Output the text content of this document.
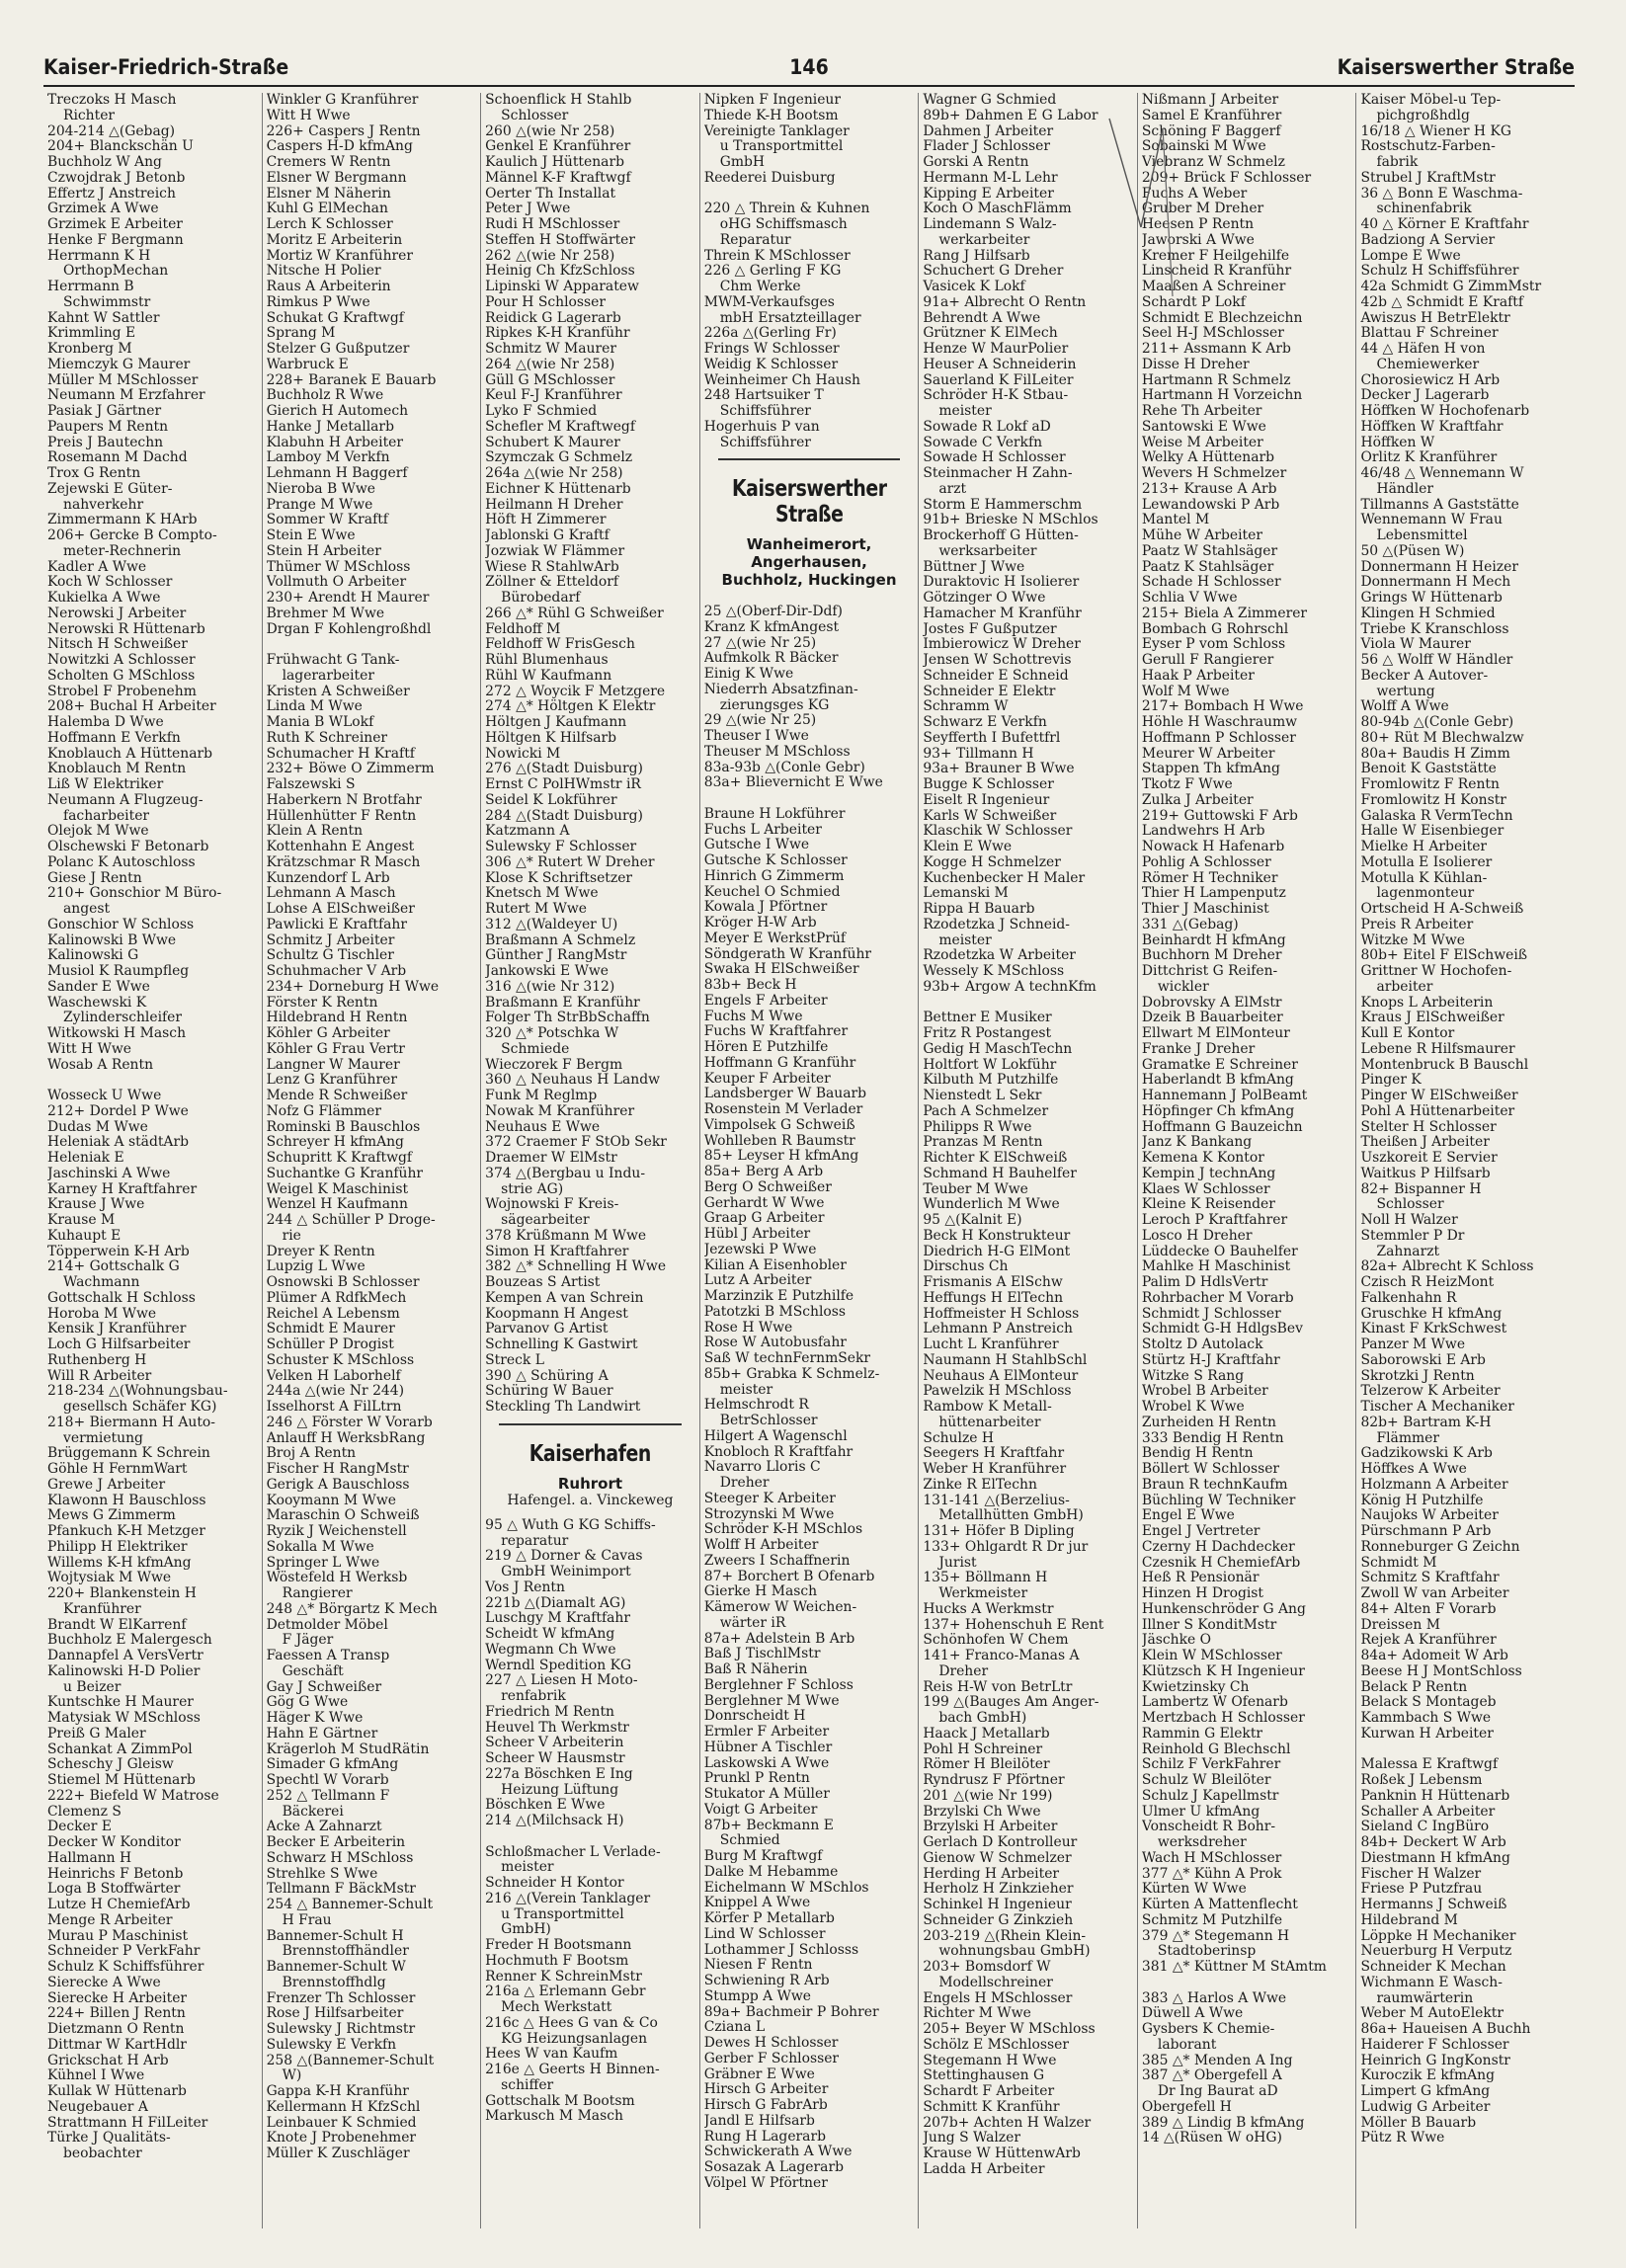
Kaiser-Friedrich-Straße	146	Kaiserswerther Straße
Treczoks H Masch
Richter
204-214 △(Gebag)
204+ Blanckschän U
Buchholz W Ang
Czwojdrak J Betonb
Effertz J Anstreich
Grzimek A Wwe
Grzimek E Arbeiter
Henke F Bergmann
Herrmann K H
OrthopMechan
Herrmann B
Schwimmstr
Kahnt W Sattler
Krimmling E
Kronberg M
Miemczyk G Maurer
Müller M MSchlosser
Neumann M Erzfahrer
Pasiak J Gärtner
Paupers M Rentn
Preis J Bautechn
Rosemann M Dachd
Trox G Rentn
Zejewski E Güter-
nahverkehr
Zimmermann K HArb
206+ Gercke B Compto-
meter-Rechnerin
Kadler A Wwe
Koch W Schlosser
Kukielka A Wwe
Nerowski J Arbeiter
Nerowski R Hüttenarb
Nitsch H Schweißer
Nowitzki A Schlosser
Scholten G MSchloss
Strobel F Probenehm
208+ Buchal H Arbeiter
Halemba D Wwe
Hoffmann E Verkfn
Knoblauch A Hüttenarb
Knoblauch M Rentn
Liß W Elektriker
Neumann A Flugzeug-
facharbeiter
Olejok M Wwe
Olschewski F Betonarb
Polanc K Autoschloss
Giese J Rentn
210+ Gonschior M Büro-
angest
Gonschior W Schloss
Kalinowski B Wwe
Kalinowski G
Musiol K Raumpfleg
Sander E Wwe
Waschewski K
Zylinderschleifer
Witkowski H Masch
Witt H Wwe
Wosab A Rentn

Wosseck U Wwe
212+ Dordel P Wwe
Dudas M Wwe
Heleniak A städtArb
Heleniak E
Jaschinski A Wwe
Karney H Kraftfahrer
Krause J Wwe
Krause M
Kuhaupt E
Töpperwein K-H Arb
214+ Gottschalk G
Wachmann
Gottschalk H Schloss
Horoba M Wwe
Kensik J Kranführer
Loch G Hilfsarbeiter
Ruthenberg H
Will R Arbeiter
218-234 △(Wohnungsbau-
gesellsch Schäfer KG)
218+ Biermann H Auto-
vermietung
Brüggemann K Schrein
Göhle H FernmWart
Grewe J Arbeiter
Klawonn H Bauschloss
Mews G Zimmerm
Pfankuch K-H Metzger
Philipp H Elektriker
Willems K-H kfmAng
Wojtysiak M Wwe
220+ Blankenstein H
Kranführer
Brandt W ElKarrenf
Buchholz E Malergesch
Dannapfel A VersVertr
Kalinowski H-D Polier
u Beizer
Kuntschke H Maurer
Matysiak W MSchloss
Preiß G Maler
Schankat A ZimmPol
Scheschy J Gleisw
Stiemel M Hüttenarb
222+ Biefeld W Matrose
Clemenz S
Decker E
Decker W Konditor
Hallmann H
Heinrichs F Betonb
Loga B Stoffwärter
Lutze H ChemiefArb
Menge R Arbeiter
Murau P Maschinist
Schneider P VerkFahr
Schulz K Schiffsführer
Sierecke A Wwe
Sierecke H Arbeiter
224+ Billen J Rentn
Dietzmann O Rentn
Dittmar W KartHdlr
Grickschat H Arb
Kühnel I Wwe
Kullak W Hüttenarb
Neugebauer A
Strattmann H FilLeiter
Türke J Qualitäts-
beobachter
Winkler G Kranführer
Witt H Wwe
226+ Caspers J Rentn
Caspers H-D kfmAng
Cremers W Rentn
Elsner W Bergmann
Elsner M Näherin
Kuhl G ElMechan
Lerch K Schlosser
Moritz E Arbeiterin
Mortiz W Kranführer
Nitsche H Polier
Raus A Arbeiterin
Rimkus P Wwe
Schukat G Kraftwgf
Sprang M
Stelzer G Gußputzer
Warbruck E
228+ Baranek E Bauarb
Buchholz R Wwe
Gierich H Automech
Hanke J Metallarb
Klabuhn H Arbeiter
Lamboy M Verkfn
Lehmann H Baggerf
Nieroba B Wwe
Prange M Wwe
Sommer W Kraftf
Stein E Wwe
Stein H Arbeiter
Thümer W MSchloss
Vollmuth O Arbeiter
230+ Arendt H Maurer
Brehmer M Wwe
Drgan F Kohlengroßhdl

Frühwacht G Tank-
lagerarbeiter
Kristen A Schweißer
Linda M Wwe
Mania B WLokf
Ruth K Schreiner
Schumacher H Kraftf
232+ Böwe O Zimmerm
Falszewski S
Haberkern N Brotfahr
Hüllenhütter F Rentn
Klein A Rentn
Kottenhahn E Angest
Krätzschmar R Masch
Kunzendorf L Arb
Lehmann A Masch
Lohse A ElSchweißer
Pawlicki E Kraftfahr
Schmitz J Arbeiter
Schultz G Tischler
Schuhmacher V Arb
234+ Dorneburg H Wwe
Förster K Rentn
Hildebrand H Rentn
Köhler G Arbeiter
Köhler G Frau Vertr
Langner W Maurer
Lenz G Kranführer
Mende R Schweißer
Nofz G Flämmer
Rominski B Bauschlos
Schreyer H kfmAng
Schupritt K Kraftwgf
Suchantke G Kranführ
Weigel K Maschinist
Wenzel H Kaufmann
244 △ Schüller P Droge-
rie
Dreyer K Rentn
Lupzig L Wwe
Osnowski B Schlosser
Plümer A RdfkMech
Reichel A Lebensm
Schmidt E Maurer
Schüller P Drogist
Schuster K MSchloss
Velken H Laborhelf
244a △(wie Nr 244)
Isselhorst A FilLtrn
246 △ Förster W Vorarb
Anlauff H WerksbRang
Broj A Rentn
Fischer H RangMstr
Gerigk A Bauschloss
Kooymann M Wwe
Maraschin O Schweiß
Ryzik J Weichenstell
Sokalla M Wwe
Springer L Wwe
Wöstefeld H Werksb
Rangierer
248 △* Börgartz K Mech
Detmolder Möbel
F Jäger
Faessen A Transp
Geschäft
Gay J Schweißer
Gög G Wwe
Häger K Wwe
Hahn E Gärtner
Krägerloh M StudRätin
Simader G kfmAng
Spechtl W Vorarb
252 △ Tellmann F
Bäckerei
Acke A Zahnarzt
Becker E Arbeiterin
Schwarz H MSchloss
Strehlke S Wwe
Tellmann F BäckMstr
254 △ Bannemer-Schult
H Frau
Bannemer-Schult H
Brennstoffhändler
Bannemer-Schult W
Brennstoffhdlg
Frenzer Th Schlosser
Rose J Hilfsarbeiter
Sulewsky J Richtmstr
Sulewsky E Verkfn
258 △(Bannemer-Schult
W)
Gappa K-H Kranführ
Kellermann H KfzSchl
Leinbauer K Schmied
Knote J Probenehmer
Müller K Zuschläger
Schoenflick H Stahlb
Schlosser
260 △(wie Nr 258)
Genkel E Kranführer
Kaulich J Hüttenarb
Männel K-F Kraftwgf
Oerter Th Installat
Peter J Wwe
Rudi H MSchlosser
Steffen H Stoffwärter
262 △(wie Nr 258)
Heinig Ch KfzSchloss
Lipinski W Apparatew
Pour H Schlosser
Reidick G Lagerarb
Ripkes K-H Kranführ
Schmitz W Maurer
264 △(wie Nr 258)
Güll G MSchlosser
Keul F-J Kranführer
Lyko F Schmied
Schefler M Kraftwegf
Schubert K Maurer
Szymczak G Schmelz
264a △(wie Nr 258)
Eichner K Hüttenarb
Heilmann H Dreher
Höft H Zimmerer
Jablonski G Kraftf
Jozwiak W Flämmer
Wiese R StahlwArb
Zöllner & Etteldorf
Bürobedarf
266 △* Rühl G Schweißer
Feldhoff M
Feldhoff W FrisGesch
Rühl Blumenhaus
Rühl W Kaufmann
272 △ Woycik F Metzgere
274 △* Höltgen K Elektr
Höltgen J Kaufmann
Höltgen K Hilfsarb
Nowicki M
276 △(Stadt Duisburg)
Ernst C PolHWmstr iR
Seidel K Lokführer
284 △(Stadt Duisburg)
Katzmann A
Sulewsky F Schlosser
306 △* Rutert W Dreher
Klose K Schriftsetzer
Knetsch M Wwe
Rutert M Wwe
312 △(Waldeyer U)
Braßmann A Schmelz
Günther J RangMstr
Jankowski E Wwe
316 △(wie Nr 312)
Braßmann E Kranführ
Folger Th StrBbSchaffn
320 △* Potschka W
Schmiede
Wieczorek F Bergm
360 △ Neuhaus H Landw
Funk M Reglmp
Nowak M Kranführer
Neuhaus E Wwe
372 Craemer F StOb Sekr
Draemer W ElMstr
374 △(Bergbau u Indu-
strie AG)
Wojnowski F Kreis-
sägearbeiter
378 Krüßmann M Wwe
Simon H Kraftfahrer
382 △* Schnelling H Wwe
Bouzeas S Artist
Kempen A van Schrein
Koopmann H Angest
Parvanov G Artist
Schnelling K Gastwirt
Streck L
390 △ Schüring A
Schüring W Bauer
Steckling Th Landwirt
Kaiserhafen
Ruhrort
Hafengel. a. Vinckeweg
95 △ Wuth G KG Schiffs-
reparatur
219 △ Dorner & Cavas
GmbH Weinimport
Vos J Rentn
221b △(Diamalt AG)
Luschgy M Kraftfahr
Scheidt W kfmAng
Wegmann Ch Wwe
Werndl Spedition KG
227 △ Liesen H Moto-
renfabrik
Friedrich M Rentn
Heuvel Th Werkmstr
Scheer V Arbeiterin
Scheer W Hausmstr
227a Böschken E Ing
Heizung Lüftung
Böschken E Wwe
214 △(Milchsack H)

Schloßmacher L Verlade-
meister
Schneider H Kontor
216 △(Verein Tanklager
u Transportmittel
GmbH)
Freder H Bootsmann
Hochmuth F Bootsm
Renner K SchreinMstr
216a △ Erlemann Gebr
Mech Werkstatt
216c △ Hees G van & Co
KG Heizungsanlagen
Hees W van Kaufm
216e △ Geerts H Binnen-
schiffer
Gottschalk M Bootsm
Markusch M Masch
Nipken F Ingenieur
Thiede K-H Bootsm
Vereinigte Tanklager
u Transportmittel
GmbH
Reederei Duisburg

220 △ Threin & Kuhnen
oHG Schiffsmasch
Reparatur
Threin K MSchlosser
226 △ Gerling F KG
Chm Werke
MWM-Verkaufsges
mbH Ersatzteillager
226a △(Gerling Fr)
Frings W Schlosser
Weidig K Schlosser
Weinheimer Ch Haush
248 Hartsuiker T
Schiffsführer
Hogerhuis P van
Schiffsführer
Kaiserswerther Straße
Wanheimerort,
Angerhausen,
Buchholz, Huckingen

25 △(Oberf-Dir-Ddf)
Kranz K kfmAngest
27 △(wie Nr 25)
Aufmkolk R Bäcker
Einig K Wwe
Niederrh Absatzfinan-
zierungsges KG
29 △(wie Nr 25)
Theuser I Wwe
Theuser M MSchloss
83a-93b △(Conle Gebr)
83a+ Blievernicht E Wwe

Braune H Lokführer
Fuchs L Arbeiter
Gutsche I Wwe
Gutsche K Schlosser
Hinrich G Zimmerm
Keuchel O Schmied
Kowala J Pförtner
Kröger H-W Arb
Meyer E WerkstPrüf
Söndgerath W Kranführ
Swaka H ElSchweißer
83b+ Beck H
Engels F Arbeiter
Fuchs M Wwe
Fuchs W Kraftfahrer
Hören E Putzhilfe
Hoffmann G Kranführ
Keuper F Arbeiter
Landsberger W Bauarb
Rosenstein M Verlader
Vimpolsek G Schweiß
Wohlleben R Baumstr
85+ Leyser H kfmAng
85a+ Berg A Arb
Berg O Schweißer
Gerhardt W Wwe
Graap G Arbeiter
Hübl J Arbeiter
Jezewski P Wwe
Kilian A Eisenhobler
Lutz A Arbeiter
Marzinzik E Putzhilfe
Patotzki B MSchloss
Rose H Wwe
Rose W Autobusfahr
Saß W technFernmSekr
85b+ Grabka K Schmelz-
meister
Helmschrodt R
BetrSchlosser
Hilgert A Wagenschl
Knobloch R Kraftfahr
Navarro Lloris C
Dreher
Steeger K Arbeiter
Strozynski M Wwe
Schröder K-H MSchlos
Wolff H Arbeiter
Zweers I Schaffnerin
87+ Borchert B Ofenarb
Gierke H Masch
Kämerow W Weichen-
wärter iR
87a+ Adelstein B Arb
Baß J TischlMstr
Baß R Näherin
Berglehner F Schloss
Berglehner M Wwe
Donrscheidt H
Ermler F Arbeiter
Hübner A Tischler
Laskowski A Wwe
Prunkl P Rentn
Stukator A Müller
Voigt G Arbeiter
87b+ Beckmann E
Schmied
Burg M Kraftwgf
Dalke M Hebamme
Eichelmann W MSchlos
Knippel A Wwe
Körfer P Metallarb
Lind W Schlosser
Lothammer J Schlosss
Niesen F Rentn
Schwiening R Arb
Stumpp A Wwe
89a+ Bachmeir P Bohrer
Cziana L
Dewes H Schlosser
Gerber F Schlosser
Gräbner E Wwe
Hirsch G Arbeiter
Hirsch G FabrArb
Jandl E Hilfsarb
Rung H Lagerarb
Schwickerath A Wwe
Sosazak A Lagerarb
Völpel W Pförtner
Wagner G Schmied
89b+ Dahmen E G Labor
Dahmen J Arbeiter
Flader J Schlosser
Gorski A Rentn
Hermann M-L Lehr
Kipping E Arbeiter
Koch O MaschFlämm
Lindemann S Walz-
werkarbeiter
Rang J Hilfsarb
Schuchert G Dreher
Vasicek K Lokf
91a+ Albrecht O Rentn
Behrendt A Wwe
Grützner K ElMech
Henze W MaurPolier
Heuser A Schneiderin
Sauerland K FilLeiter
Schröder H-K Stbau-
meister
Sowade R Lokf aD
Sowade C Verkfn
Sowade H Schlosser
Steinmacher H Zahn-
arzt
Storm E Hammerschm
91b+ Brieske N MSchlos
Brockerhoff G Hütten-
werksarbeiter
Büttner J Wwe
Duraktovic H Isolierer
Götzinger O Wwe
Hamacher M Kranführ
Jostes F Gußputzer
Imbierowicz W Dreher
Jensen W Schottrevis
Schneider E Schneid
Schneider E Elektr
Schramm W
Schwarz E Verkfn
Seyfferth I Bufettfrl
93+ Tillmann H
93a+ Brauner B Wwe
Bugge K Schlosser
Eiselt R Ingenieur
Karls W Schweißer
Klaschik W Schlosser
Klein E Wwe
Kogge H Schmelzer
Kuchenbecker H Maler
Lemanski M
Rippa H Bauarb
Rzodetzka J Schneid-
meister
Rzodetzka W Arbeiter
Wessely K MSchloss
93b+ Argow A technKfm

Bettner E Musiker
Fritz R Postangest
Gedig H MaschTechn
Holtfort W Lokführ
Kilbuth M Putzhilfe
Nienstedt L Sekr
Pach A Schmelzer
Philipps R Wwe
Pranzas M Rentn
Richter K ElSchweiß
Schmand H Bauhelfer
Teuber M Wwe
Wunderlich M Wwe
95 △(Kalnit E)
Beck H Konstrukteur
Diedrich H-G ElMont
Dirschus Ch
Frismanis A ElSchw
Heffungs H ElTechn
Hoffmeister H Schloss
Lehmann P Anstreich
Lucht L Kranführer
Naumann H StahlbSchl
Neuhaus A ElMonteur
Pawelzik H MSchloss
Rambow K Metall-
hüttenarbeiter
Schulze H
Seegers H Kraftfahr
Weber H Kranführer
Zinke R ElTechn
131-141 △(Berzelius-
Metallhütten GmbH)
131+ Höfer B Dipling
133+ Ohlgardt R Dr jur
Jurist
135+ Böllmann H
Werkmeister
Hucks A Werkmstr
137+ Hohenschuh E Rent
Schönhofen W Chem
141+ Franco-Manas A
Dreher
Reis H-W von BetrLtr
199 △(Bauges Am Anger-
bach GmbH)
Haack J Metallarb
Pohl H Schreiner
Römer H Bleilöter
Ryndrusz F Pförtner
201 △(wie Nr 199)
Brzylski Ch Wwe
Brzylski H Arbeiter
Gerlach D Kontrolleur
Gienow W Schmelzer
Herding H Arbeiter
Herholz H Zinkzieher
Schinkel H Ingenieur
Schneider G Zinkzieh
203-219 △(Rhein Klein-
wohnungsbau GmbH)
203+ Bomsdorf W
Modellschreiner
Engels H MSchlosser
Richter M Wwe
205+ Beyer W MSchloss
Schölz E MSchlosser
Stegemann H Wwe
Stettinghausen G
Schardt F Arbeiter
Schmitt K Kranführ
207b+ Achten H Walzer
Jung S Walzer
Krause W HüttenwArb
Ladda H Arbeiter
Nißmann J Arbeiter
Samel E Kranführer
Schöning F Baggerf
Sobainski M Wwe
Viebranz W Schmelz
209+ Brück F Schlosser
Fuchs A Weber
Gruber M Dreher
Heesen P Rentn
Jaworski A Wwe
Kremer F Heilgehilfe
Linscheid R Kranführ
Maaßen A Schreiner
Schardt P Lokf
Schmidt E Blechzeichn
Seel H-J MSchlosser
211+ Assmann K Arb
Disse H Dreher
Hartmann R Schmelz
Hartmann H Vorzeichn
Rehe Th Arbeiter
Santowski E Wwe
Weise M Arbeiter
Welky A Hüttenarb
Wevers H Schmelzer
213+ Krause A Arb
Lewandowski P Arb
Mantel M
Mühe W Arbeiter
Paatz W Stahlsäger
Paatz K Stahlsäger
Schade H Schlosser
Schlia V Wwe
215+ Biela A Zimmerer
Bombach G Rohrschl
Eyser P vom Schloss
Gerull F Rangierer
Haak P Arbeiter
Wolf M Wwe
217+ Bombach H Wwe
Höhle H Waschraumw
Hoffmann P Schlosser
Meurer W Arbeiter
Stappen Th kfmAng
Tkotz F Wwe
Zulka J Arbeiter
219+ Guttowski F Arb
Landwehrs H Arb
Nowack H Hafenarb
Pohlig A Schlosser
Römer H Techniker
Thier H Lampenputz
Thier J Maschinist
331 △(Gebag)
Beinhardt H kfmAng
Buchhorn M Dreher
Dittchrist G Reifen-
wickler
Dobrovsky A ElMstr
Dzeik B Bauarbeiter
Ellwart M ElMonteur
Franke J Dreher
Gramatke E Schreiner
Haberlandt B kfmAng
Hannemann J PolBeamt
Höpfinger Ch kfmAng
Hoffmann G Bauzeichn
Janz K Bankang
Kemena K Kontor
Kempin J technAng
Klaes W Schlosser
Kleine K Reisender
Leroch P Kraftfahrer
Losco H Dreher
Lüddecke O Bauhelfer
Mahlke H Maschinist
Palim D HdlsVertr
Rohrbacher M Vorarb
Schmidt J Schlosser
Schmidt G-H HdlgsBev
Stoltz D Autolack
Stürtz H-J Kraftfahr
Witzke S Rang
Wrobel B Arbeiter
Wrobel K Wwe
Zurheiden H Rentn
333 Bendig H Rentn
Bendig H Rentn
Böllert W Schlosser
Braun R technKaufm
Büchling W Techniker
Engel E Wwe
Engel J Vertreter
Czerny H Dachdecker
Czesnik H ChemiefArb
Heß R Pensionär
Hinzen H Drogist
Hunkenschröder G Ang
Illner S KonditMstr
Jäschke O
Klein W MSchlosser
Klützsch K H Ingenieur
Kwietzinsky Ch
Lambertz W Ofenarb
Mertzbach H Schlosser
Rammin G Elektr
Reinhold G Blechschl
Schilz F VerkFahrer
Schulz W Bleilöter
Schulz J Kapellmstr
Ulmer U kfmAng
Vonscheidt R Bohr-
werksdreher
Wach H MSchlosser
377 △* Kühn A Prok
Kürten W Wwe
Kürten A Mattenflecht
Schmitz M Putzhilfe
379 △* Stegemann H
Stadtoberinsp
381 △* Küttner M StAmtm

383 △ Harlos A Wwe
Düwell A Wwe
Gysbers K Chemie-
laborant
385 △* Menden A Ing
387 △* Obergefell A
Dr Ing Baurat aD
Obergefell H
389 △ Lindig B kfmAng
14 △(Rüsen W oHG)
Kaiser Möbel-u Tep-
pichgroßhdlg
16/18 △ Wiener H KG
Rostschutz-Farben-
fabrik
Strubel J KraftMstr
36 △ Bonn E Waschma-
schinenfabrik
40 △ Körner E Kraftfahr
Badziong A Servier
Lompe E Wwe
Schulz H Schiffsführer
42a Schmidt G ZimmMstr
42b △ Schmidt E Kraftf
Awiszus H BetrElektr
Blattau F Schreiner
44 △ Häfen H von
Chemiewerker
Chorosiewicz H Arb
Decker J Lagerarb
Höffken W Hochofenarb
Höffken W Kraftfahr
Höffken W
Orlitz K Kranführer
46/48 △ Wennemann W
Händler
Tillmanns A Gaststätte
Wennemann W Frau
Lebensmittel
50 △(Püsen W)
Donnermann H Heizer
Donnermann H Mech
Grings W Hüttenarb
Klingen H Schmied
Triebe K Kranschloss
Viola W Maurer
56 △ Wolff W Händler
Becker A Autover-
wertung
Wolff A Wwe
80-94b △(Conle Gebr)
80+ Rüt M Blechwalzw
80a+ Baudis H Zimm
Benoit K Gaststätte
Fromlowitz F Rentn
Fromlowitz H Konstr
Galaska R VermTechn
Halle W Eisenbieger
Mielke H Arbeiter
Motulla E Isolierer
Motulla K Kühlan-
lagenmonteur
Ortscheid H A-Schweiß
Preis R Arbeiter
Witzke M Wwe
80b+ Eitel F ElSchweiß
Grittner W Hochofen-
arbeiter
Knops L Arbeiterin
Kraus J ElSchweißer
Kull E Kontor
Lebene R Hilfsmaurer
Montenbruck B Bauschl
Pinger K
Pinger W ElSchweißer
Pohl A Hüttenarbeiter
Stelter H Schlosser
Theißen J Arbeiter
Uszkoreit E Servier
Waitkus P Hilfsarb
82+ Bispanner H
Schlosser
Noll H Walzer
Stemmler P Dr
Zahnarzt
82a+ Albrecht K Schloss
Czisch R HeizMont
Falkenhahn R
Gruschke H kfmAng
Kinast F KrkSchwest
Panzer M Wwe
Saborowski E Arb
Skrotzki J Rentn
Telzerow K Arbeiter
Tischer A Mechaniker
82b+ Bartram K-H
Flämmer
Gadzikowski K Arb
Höffkes A Wwe
Holzmann A Arbeiter
König H Putzhilfe
Naujoks W Arbeiter
Pürschmann P Arb
Ronneburger G Zeichn
Schmidt M
Schmitz S Kraftfahr
Zwoll W van Arbeiter
84+ Alten F Vorarb
Dreissen M
Rejek A Kranführer
84a+ Adomeit W Arb
Beese H J MontSchloss
Belack P Rentn
Belack S Montageb
Kammbach S Wwe
Kurwan H Arbeiter

Malessa E Kraftwgf
Roßek J Lebensm
Panknin H Hüttenarb
Schaller A Arbeiter
Sieland C IngBüro
84b+ Deckert W Arb
Diestmann H kfmAng
Fischer H Walzer
Friese P Putzfrau
Hermanns J Schweiß
Hildebrand M
Löppke H Mechaniker
Neuerburg H Verputz
Schneider K Mechan
Wichmann E Wasch-
raumwärterin
Weber M AutoElektr
86a+ Haueisen A Buchh
Haiderer F Schlosser
Heinrich G IngKonstr
Kuroczik E kfmAng
Limpert G kfmAng
Ludwig G Arbeiter
Möller B Bauarb
Pütz R Wwe
